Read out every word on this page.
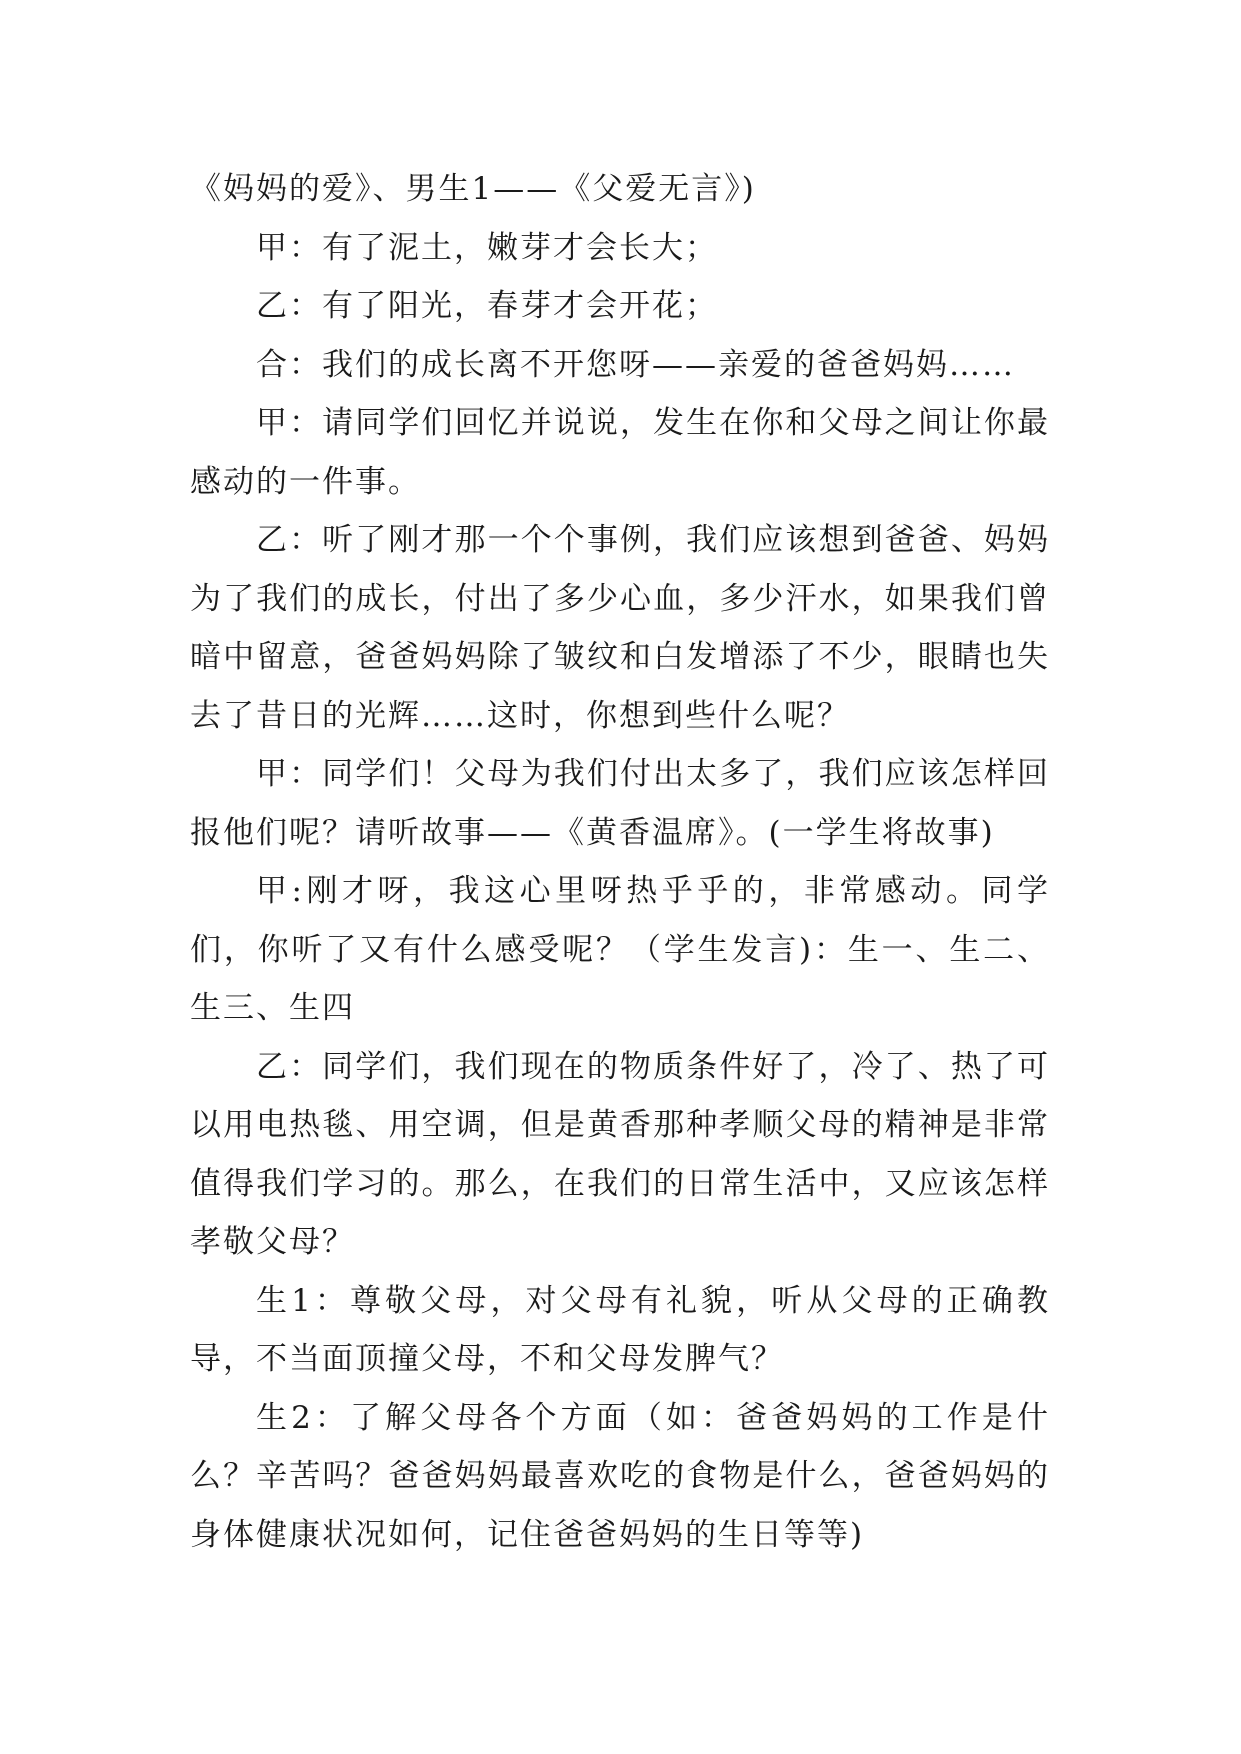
《妈妈的爱》、男生1——《父爱无言》)

甲：有了泥土，嫩芽才会长大；

乙：有了阳光，春芽才会开花；

合：我们的成长离不开您呀——亲爱的爸爸妈妈……

甲：请同学们回忆并说说，发生在你和父母之间让你最感动的一件事。

乙：听了刚才那一个个事例，我们应该想到爸爸、妈妈为了我们的成长，付出了多少心血，多少汗水，如果我们曾暗中留意，爸爸妈妈除了皱纹和白发增添了不少，眼睛也失去了昔日的光辉……这时，你想到些什么呢？

甲：同学们！父母为我们付出太多了，我们应该怎样回报他们呢？请听故事——《黄香温席》。(一学生将故事)

甲:刚才呀，我这心里呀热乎乎的，非常感动。同学们，你听了又有什么感受呢？（学生发言)：生一、生二、生三、生四

乙：同学们，我们现在的物质条件好了，冷了、热了可以用电热毯、用空调，但是黄香那种孝顺父母的精神是非常值得我们学习的。那么，在我们的日常生活中，又应该怎样孝敬父母？

生1：尊敬父母，对父母有礼貌，听从父母的正确教导，不当面顶撞父母，不和父母发脾气？

生2：了解父母各个方面（如：爸爸妈妈的工作是什么？辛苦吗？爸爸妈妈最喜欢吃的食物是什么，爸爸妈妈的身体健康状况如何，记住爸爸妈妈的生日等等)
